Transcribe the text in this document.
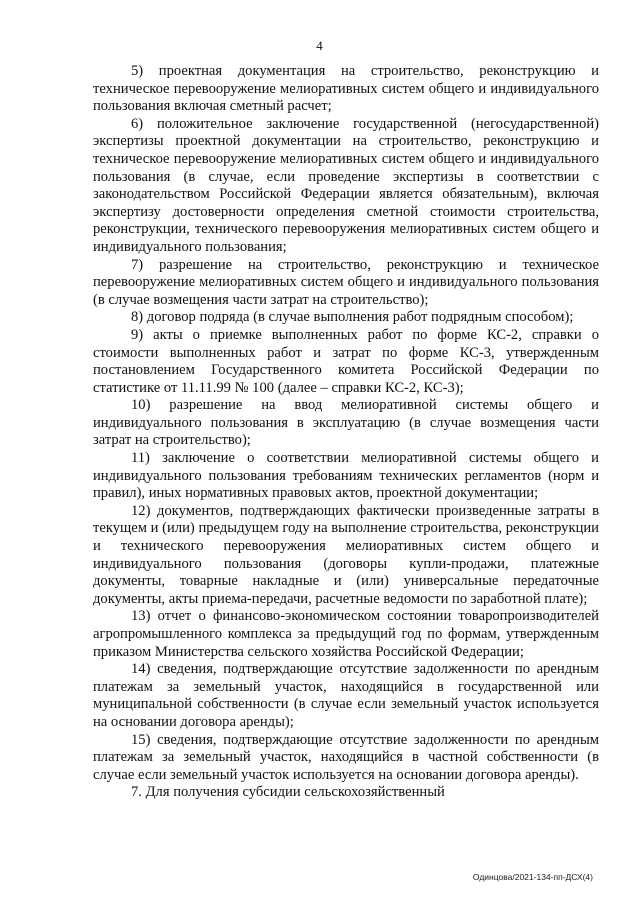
4

5) проектная документация на строительство, реконструкцию и техническое перевооружение мелиоративных систем общего и индивидуального пользования включая сметный расчет;

6) положительное заключение государственной (негосударственной) экспертизы проектной документации на строительство, реконструкцию и техническое перевооружение мелиоративных систем общего и индивидуального пользования (в случае, если проведение экспертизы в соответствии с законодательством Российской Федерации является обязательным), включая экспертизу достоверности определения сметной стоимости строительства, реконструкции, технического перевооружения мелиоративных систем общего и индивидуального пользования;

7) разрешение на строительство, реконструкцию и техническое перевооружение мелиоративных систем общего и индивидуального пользования (в случае возмещения части затрат на строительство);

8) договор подряда (в случае выполнения работ подрядным способом);

9) акты о приемке выполненных работ по форме КС-2, справки о стоимости выполненных работ и затрат по форме КС-3, утвержденным постановлением Государственного комитета Российской Федерации по статистике от 11.11.99 № 100 (далее – справки КС-2, КС-3);

10) разрешение на ввод мелиоративной системы общего и индивидуального пользования в эксплуатацию (в случае возмещения части затрат на строительство);

11) заключение о соответствии мелиоративной системы общего и индивидуального пользования требованиям технических регламентов (норм и правил), иных нормативных правовых актов, проектной документации;

12) документов, подтверждающих фактически произведенные затраты в текущем и (или) предыдущем году на выполнение строительства, реконструкции и технического перевооружения мелиоративных систем общего и индивидуального пользования (договоры купли-продажи, платежные документы, товарные накладные и (или) универсальные передаточные документы, акты приема-передачи, расчетные ведомости по заработной плате);

13) отчет о финансово-экономическом состоянии товаропроизводителей агропромышленного комплекса за предыдущий год по формам, утвержденным приказом Министерства сельского хозяйства Российской Федерации;

14) сведения, подтверждающие отсутствие задолженности по арендным платежам за земельный участок, находящийся в государственной или муниципальной собственности (в случае если земельный участок используется на основании договора аренды);

15) сведения, подтверждающие отсутствие задолженности по арендным платежам за земельный участок, находящийся в частной собственности (в случае если земельный участок используется на основании договора аренды).

7. Для получения субсидии сельскохозяйственный

Одинцова/2021-134-пп-ДСХ(4)
